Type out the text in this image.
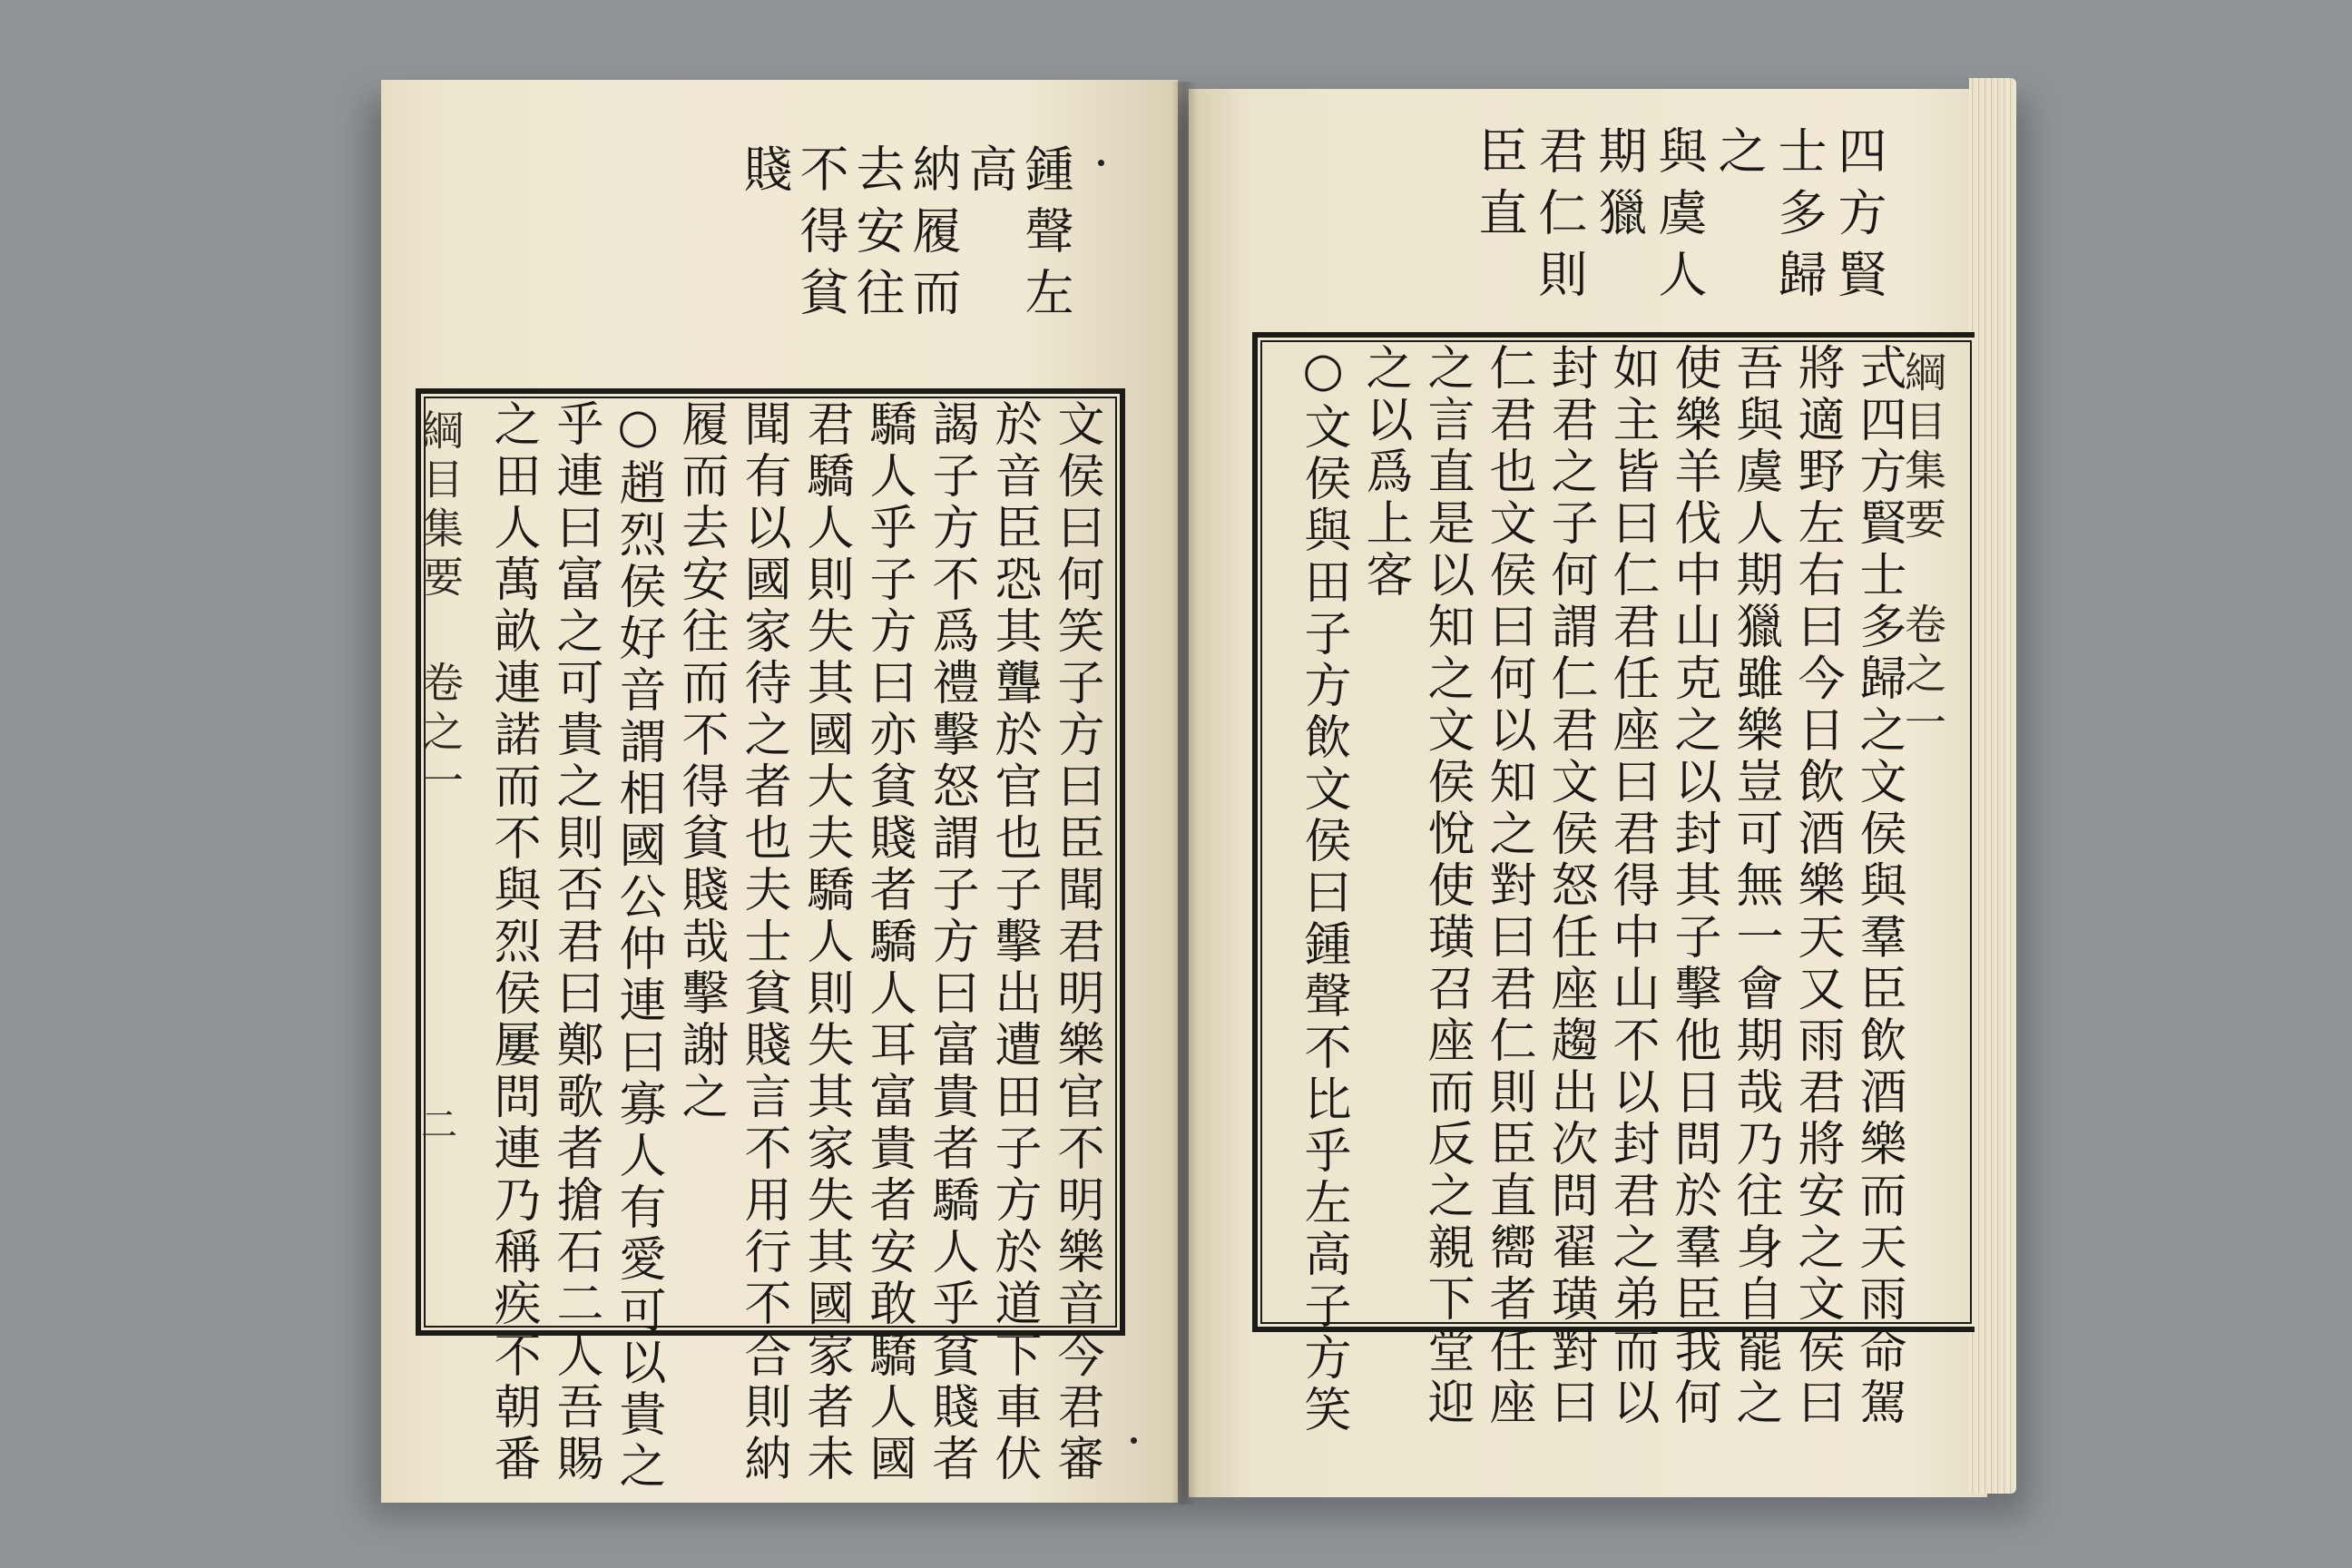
鍾聲左
高
納履而
去安往
不得貧
賤
文侯曰何笑子方曰臣聞君明樂官不明樂音今君審
於音臣恐其聾於官也子擊出遭田子方於道下車伏
謁子方不爲禮擊怒謂子方曰富貴者驕人乎貧賤者
驕人乎子方曰亦貧賤者驕人耳富貴者安敢驕人國
君驕人則失其國大夫驕人則失其家失其國家者未
聞有以國家待之者也夫士貧賤言不用行不合則納
履而去安往而不得貧賤哉擊謝之
○趙烈侯好音謂相國公仲連曰寡人有愛可以貴之
乎連曰富之可貴之則否君曰鄭歌者搶石二人吾賜
之田人萬畝連諾而不與烈侯屢問連乃稱疾不朝番
綱目集要 卷之一
二
四方賢
士多歸
之
與虞人
期獵
君仁則
臣直
式四方賢士多歸之文侯與羣臣飲酒樂而天雨命駕
將適野左右曰今日飲酒樂天又雨君將安之文侯曰
吾與虞人期獵雖樂豈可無一會期哉乃往身自罷之
使樂羊伐中山克之以封其子擊他日問於羣臣我何
如主皆曰仁君任座曰君得中山不以封君之弟而以
封君之子何謂仁君文侯怒任座趨出次問翟璜對曰
仁君也文侯曰何以知之對曰君仁則臣直嚮者任座
之言直是以知之文侯悅使璜召座而反之親下堂迎
之以爲上客
○文侯與田子方飲文侯曰鍾聲不比乎左高子方笑	綱目集要 卷之一
